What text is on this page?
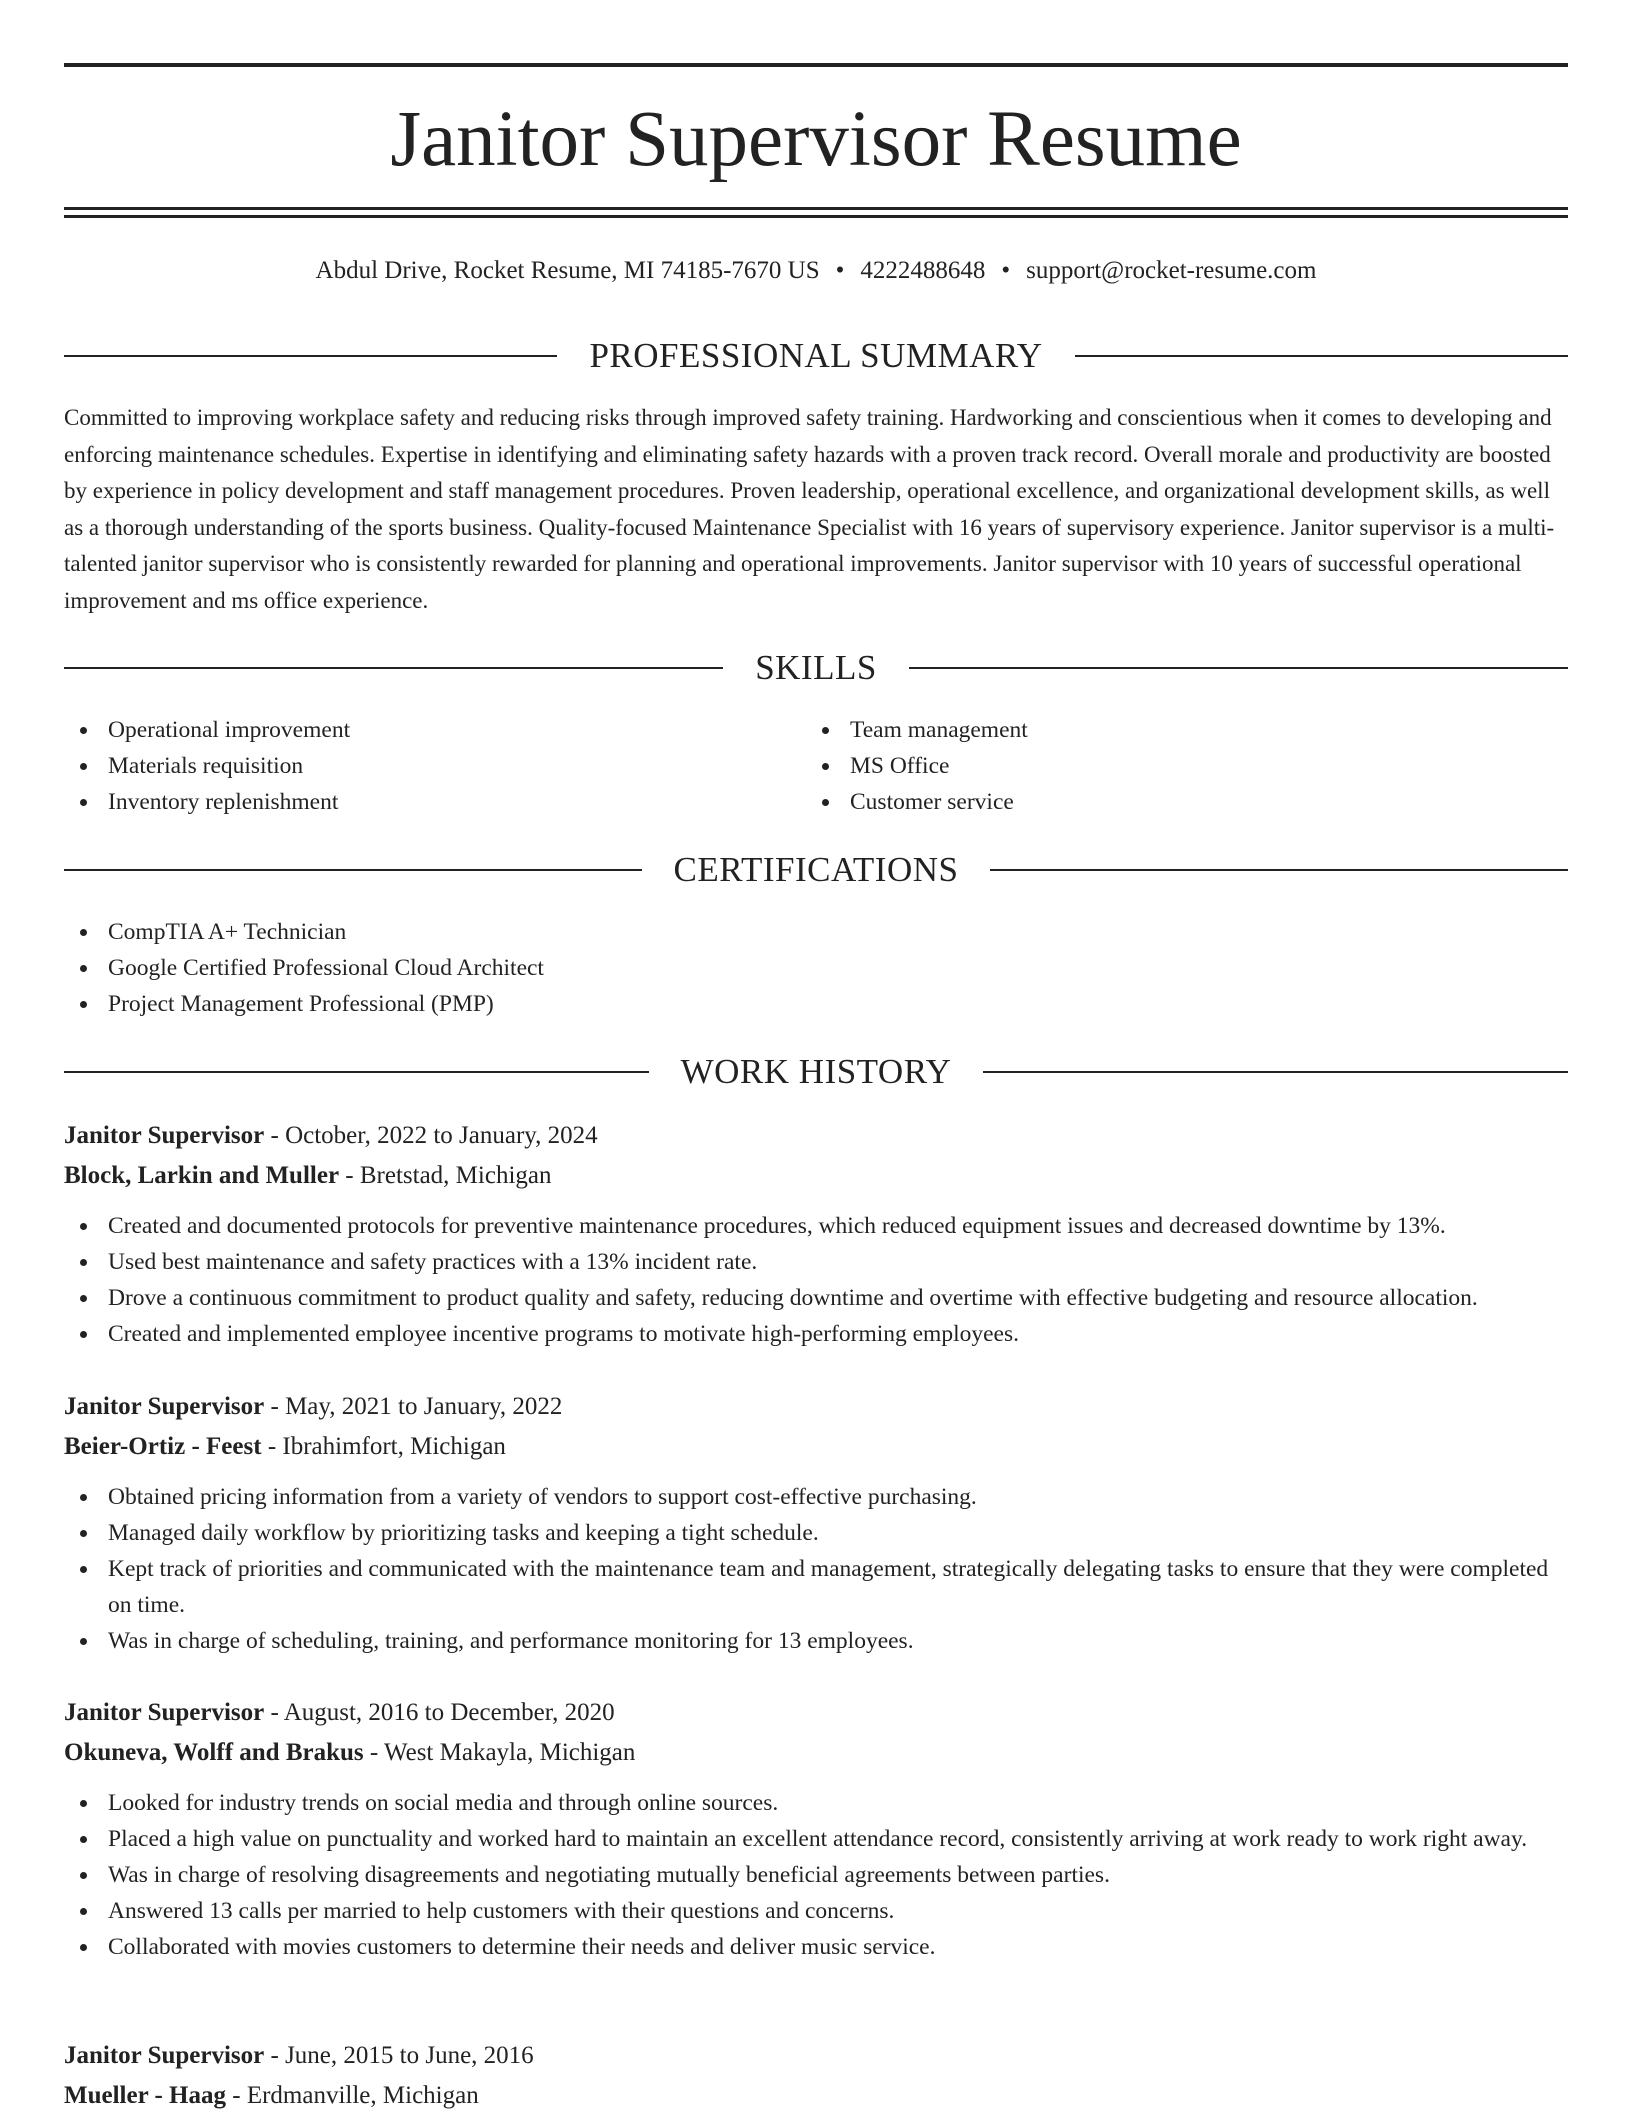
Janitor Supervisor Resume
Abdul Drive, Rocket Resume, MI 74185-7670 US • 4222488648 • support@rocket-resume.com
PROFESSIONAL SUMMARY

Committed to improving workplace safety and reducing risks through improved safety training. Hardworking and conscientious when it comes to developing and enforcing maintenance schedules. Expertise in identifying and eliminating safety hazards with a proven track record. Overall morale and productivity are boosted by experience in policy development and staff management procedures. Proven leadership, operational excellence, and organizational development skills, as well as a thorough understanding of the sports business. Quality-focused Maintenance Specialist with 16 years of supervisory experience. Janitor supervisor is a multi-talented janitor supervisor who is consistently rewarded for planning and operational improvements. Janitor supervisor with 10 years of successful operational improvement and ms office experience.

SKILLS
Operational improvement
Materials requisition
Inventory replenishment
Team management
MS Office
Customer service
CERTIFICATIONS
CompTIA A+ Technician
Google Certified Professional Cloud Architect
Project Management Professional (PMP)
WORK HISTORY
Janitor Supervisor - October, 2022 to January, 2024
Block, Larkin and Muller - Bretstad, Michigan
Created and documented protocols for preventive maintenance procedures, which reduced equipment issues and decreased downtime by 13%.
Used best maintenance and safety practices with a 13% incident rate.
Drove a continuous commitment to product quality and safety, reducing downtime and overtime with effective budgeting and resource allocation.
Created and implemented employee incentive programs to motivate high-performing employees.
Janitor Supervisor - May, 2021 to January, 2022
Beier-Ortiz - Feest - Ibrahimfort, Michigan
Obtained pricing information from a variety of vendors to support cost-effective purchasing.
Managed daily workflow by prioritizing tasks and keeping a tight schedule.
Kept track of priorities and communicated with the maintenance team and management, strategically delegating tasks to ensure that they were completed on time.
Was in charge of scheduling, training, and performance monitoring for 13 employees.
Janitor Supervisor - August, 2016 to December, 2020
Okuneva, Wolff and Brakus - West Makayla, Michigan
Looked for industry trends on social media and through online sources.
Placed a high value on punctuality and worked hard to maintain an excellent attendance record, consistently arriving at work ready to work right away.
Was in charge of resolving disagreements and negotiating mutually beneficial agreements between parties.
Answered 13 calls per married to help customers with their questions and concerns.
Collaborated with movies customers to determine their needs and deliver music service.
Janitor Supervisor - June, 2015 to June, 2016
Mueller - Haag - Erdmanville, Michigan
